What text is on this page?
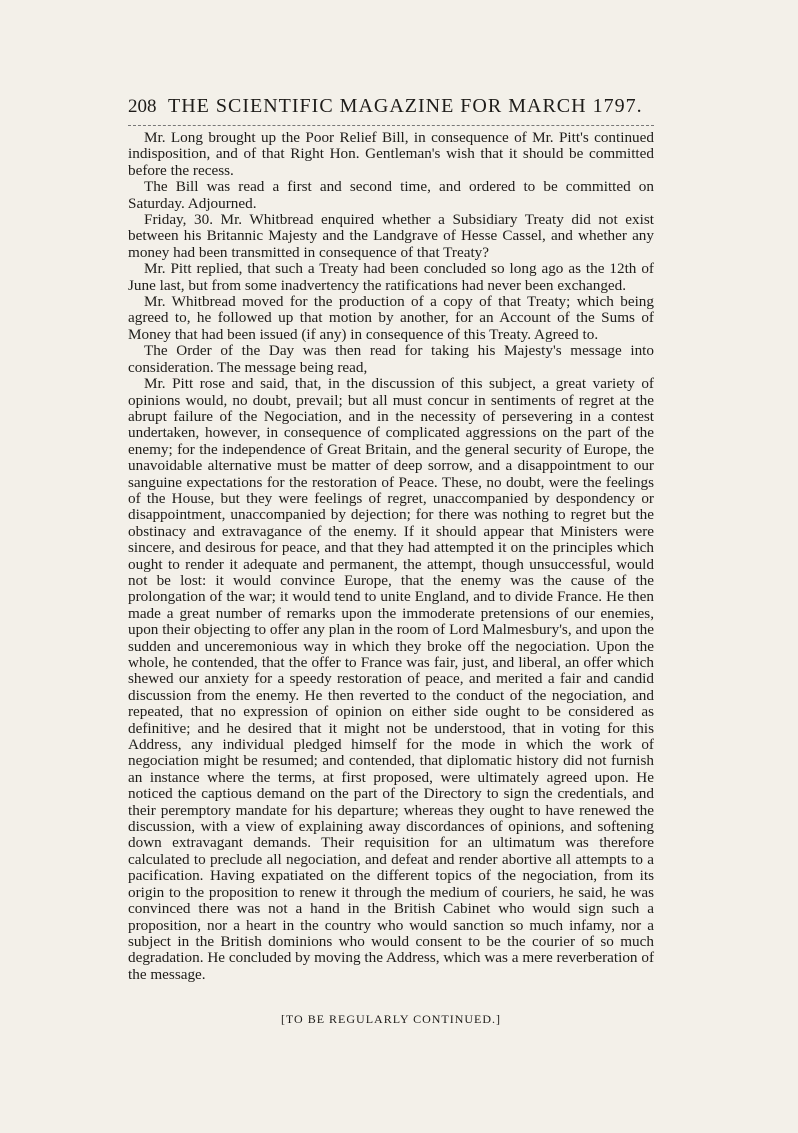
208 THE SCIENTIFIC MAGAZINE FOR MARCH 1797.

Mr. Long brought up the Poor Relief Bill, in consequence of Mr. Pitt's continued indisposition, and of that Right Hon. Gentleman's wish that it should be committed before the recess.

The Bill was read a first and second time, and ordered to be committed on Saturday. Adjourned.

Friday, 30. Mr. Whitbread enquired whether a Subsidiary Treaty did not exist between his Britannic Majesty and the Landgrave of Hesse Cassel, and whether any money had been transmitted in consequence of that Treaty?

Mr. Pitt replied, that such a Treaty had been concluded so long ago as the 12th of June last, but from some inadvertency the ratifications had never been exchanged.

Mr. Whitbread moved for the production of a copy of that Treaty; which being agreed to, he followed up that motion by another, for an Account of the Sums of Money that had been issued (if any) in consequence of this Treaty. Agreed to.

The Order of the Day was then read for taking his Majesty's message into consideration. The message being read,

Mr. Pitt rose and said, that, in the discussion of this subject, a great variety of opinions would, no doubt, prevail; but all must concur in sentiments of regret at the abrupt failure of the Negociation, and in the necessity of persevering in a contest undertaken, however, in consequence of complicated aggressions on the part of the enemy; for the independence of Great Britain, and the general security of Europe, the unavoidable alternative must be matter of deep sorrow, and a disappointment to our sanguine expectations for the restoration of Peace. These, no doubt, were the feelings of the House, but they were feelings of regret, unaccompanied by despondency or disappointment, unaccompanied by dejection; for there was nothing to regret but the obstinacy and extravagance of the enemy. If it should appear that Ministers were sincere, and desirous for peace, and that they had attempted it on the principles which ought to render it adequate and permanent, the attempt, though unsuccessful, would not be lost: it would convince Europe, that the enemy was the cause of the prolongation of the war; it would tend to unite England, and to divide France. He then made a great number of remarks upon the immoderate pretensions of our enemies, upon their objecting to offer any plan in the room of Lord Malmesbury's, and upon the sudden and unceremonious way in which they broke off the negociation. Upon the whole, he contended, that the offer to France was fair, just, and liberal, an offer which shewed our anxiety for a speedy restoration of peace, and merited a fair and candid discussion from the enemy. He then reverted to the conduct of the negociation, and repeated, that no expression of opinion on either side ought to be considered as definitive; and he desired that it might not be understood, that in voting for this Address, any individual pledged himself for the mode in which the work of negociation might be resumed; and contended, that diplomatic history did not furnish an instance where the terms, at first proposed, were ultimately agreed upon. He noticed the captious demand on the part of the Directory to sign the credentials, and their peremptory mandate for his departure; whereas they ought to have renewed the discussion, with a view of explaining away discordances of opinions, and softening down extravagant demands. Their requisition for an ultimatum was therefore calculated to preclude all negociation, and defeat and render abortive all attempts to a pacification. Having expatiated on the different topics of the negociation, from its origin to the proposition to renew it through the medium of couriers, he said, he was convinced there was not a hand in the British Cabinet who would sign such a proposition, nor a heart in the country who would sanction so much infamy, nor a subject in the British dominions who would consent to be the courier of so much degradation. He concluded by moving the Address, which was a mere reverberation of the message.

[TO BE REGULARLY CONTINUED.]
